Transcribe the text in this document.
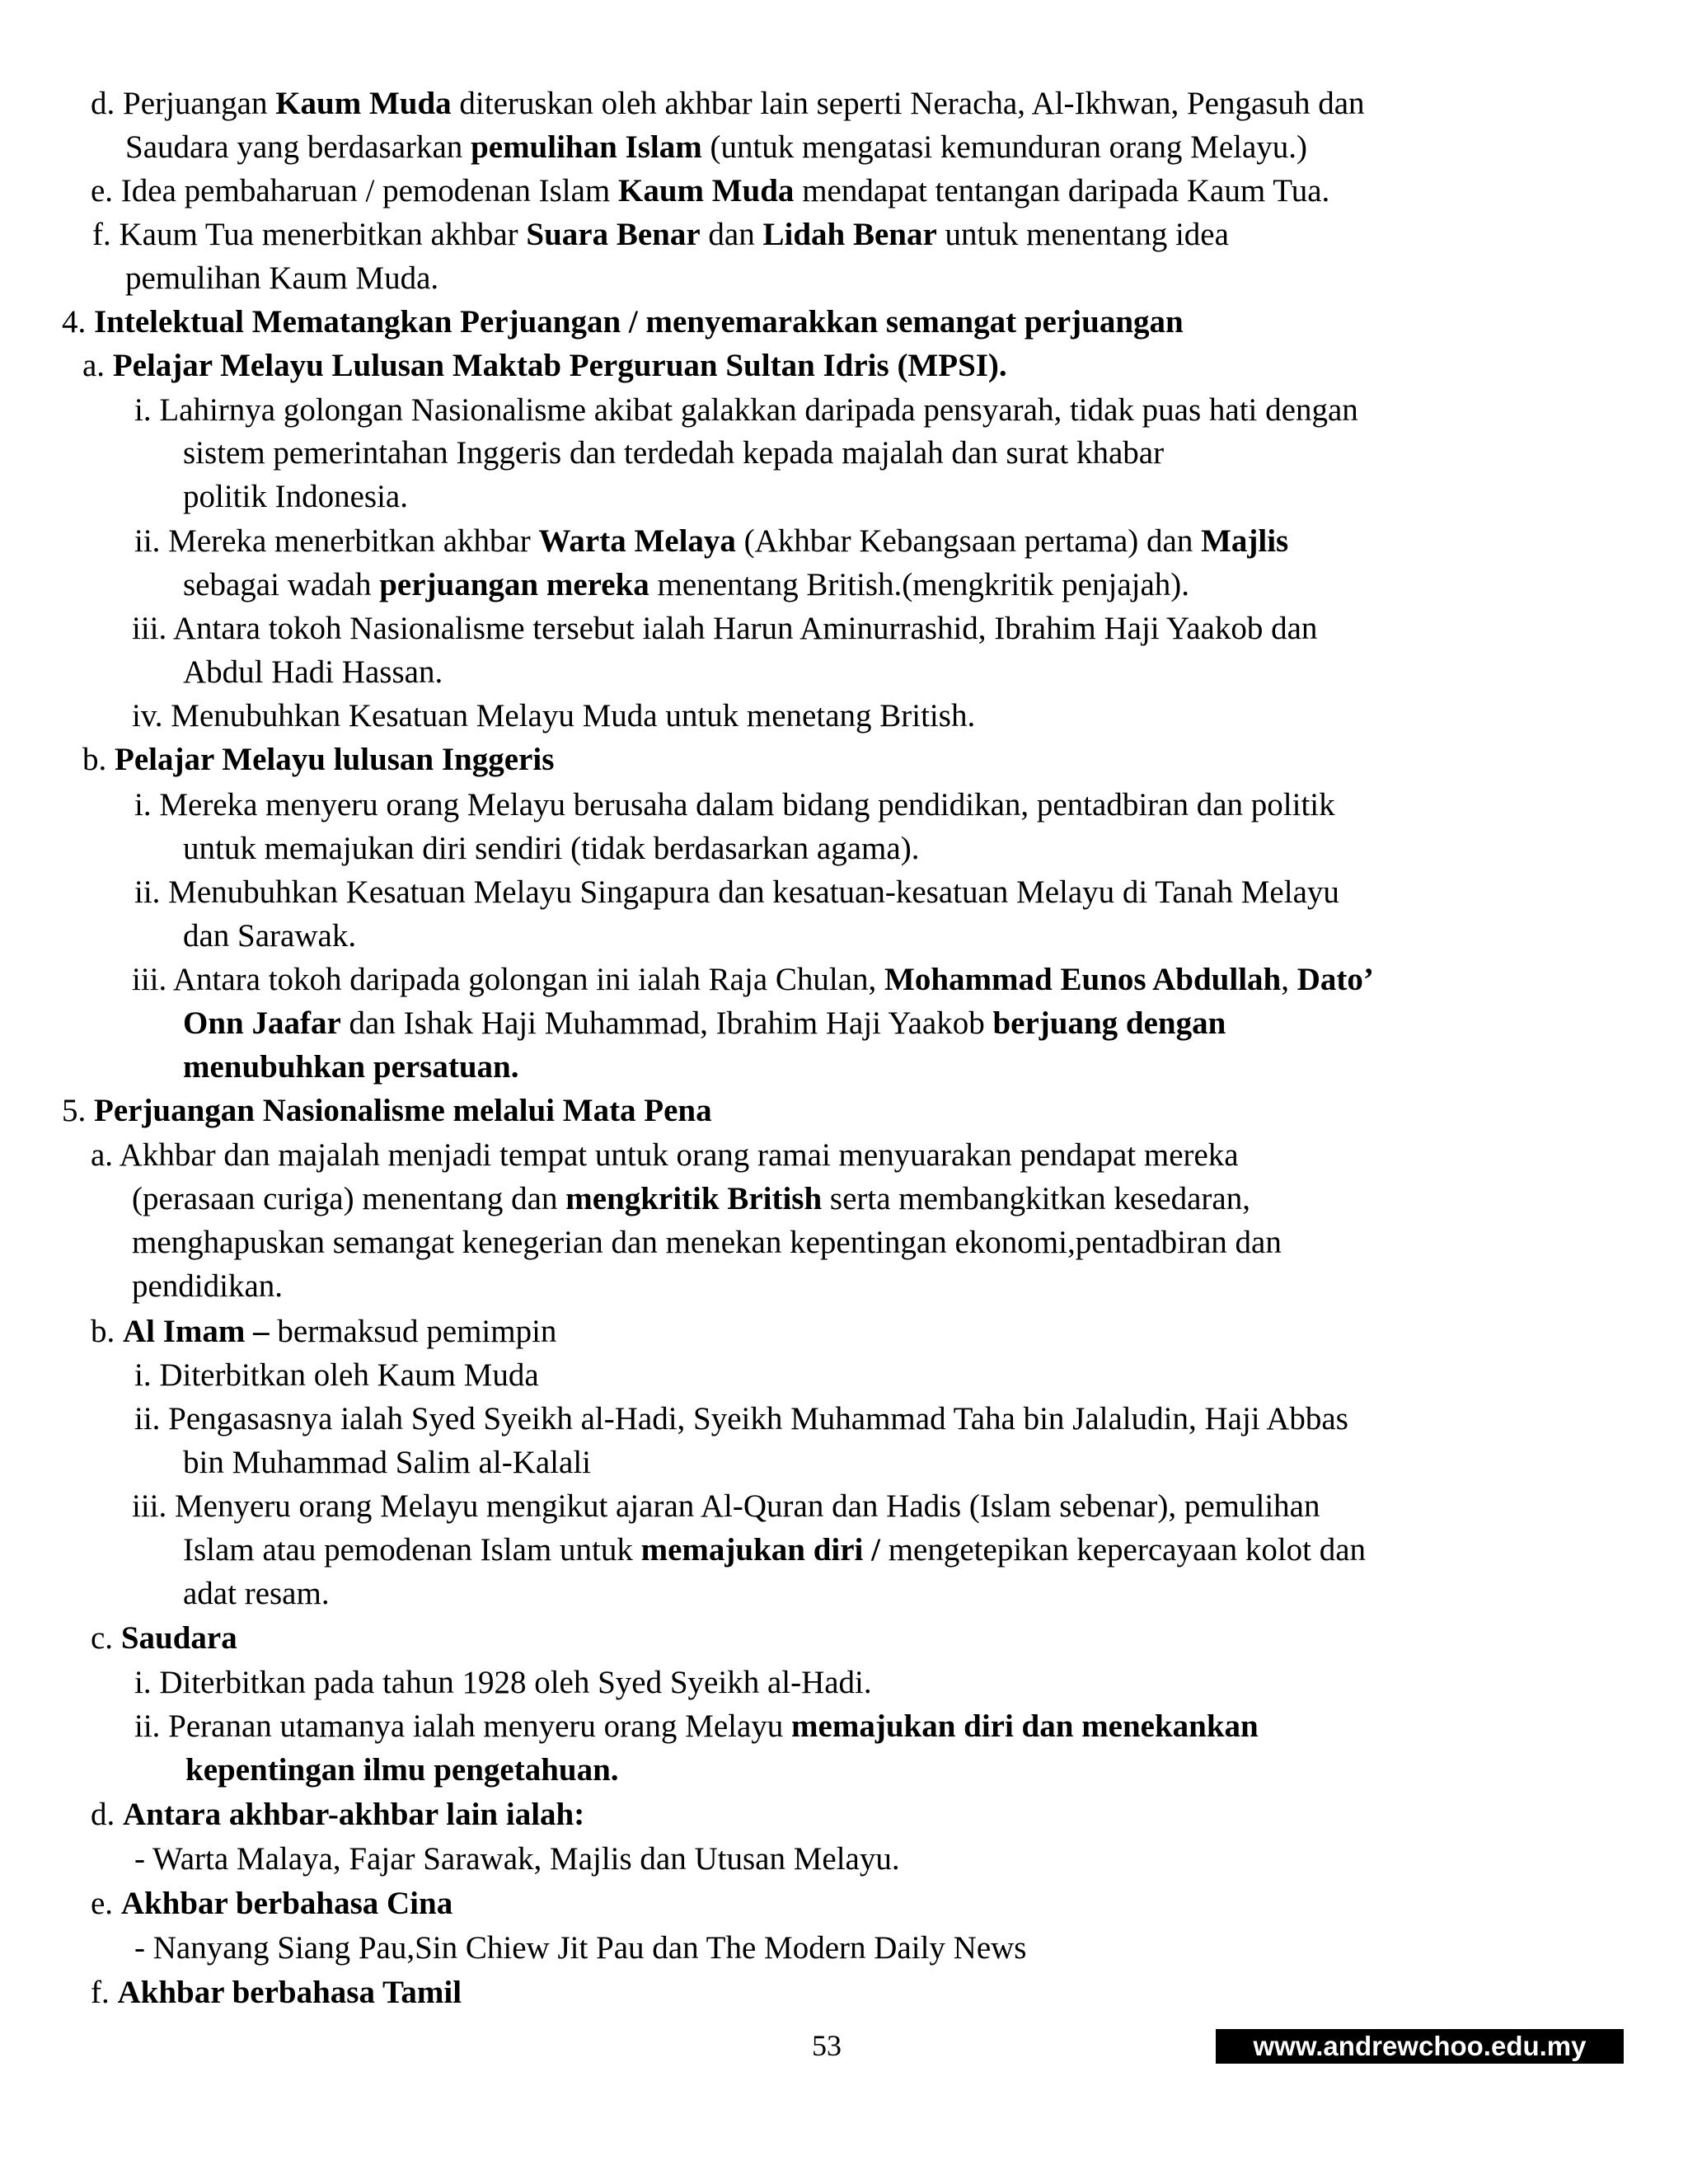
d. Perjuangan Kaum Muda diteruskan oleh akhbar lain seperti Neracha, Al-Ikhwan, Pengasuh dan
Saudara yang berdasarkan pemulihan Islam (untuk mengatasi kemunduran orang Melayu.)
e. Idea pembaharuan / pemodenan Islam Kaum Muda mendapat tentangan daripada Kaum Tua.
f. Kaum Tua menerbitkan akhbar Suara Benar dan Lidah Benar untuk menentang idea
pemulihan Kaum Muda.
4. Intelektual Mematangkan Perjuangan / menyemarakkan semangat perjuangan
a. Pelajar Melayu Lulusan Maktab Perguruan Sultan Idris (MPSI).
i. Lahirnya golongan Nasionalisme akibat galakkan daripada pensyarah, tidak puas hati dengan
sistem pemerintahan Inggeris dan terdedah kepada majalah dan surat khabar
politik Indonesia.
ii. Mereka menerbitkan akhbar Warta Melaya (Akhbar Kebangsaan pertama) dan Majlis
sebagai wadah perjuangan mereka menentang British.(mengkritik penjajah).
iii. Antara tokoh Nasionalisme tersebut ialah Harun Aminurrashid, Ibrahim Haji Yaakob dan
Abdul Hadi Hassan.
iv. Menubuhkan Kesatuan Melayu Muda untuk menetang British.
b. Pelajar Melayu lulusan Inggeris
i. Mereka menyeru orang Melayu berusaha dalam bidang pendidikan, pentadbiran dan politik
untuk memajukan diri sendiri (tidak berdasarkan agama).
ii. Menubuhkan Kesatuan Melayu Singapura dan kesatuan-kesatuan Melayu di Tanah Melayu
dan Sarawak.
iii. Antara tokoh daripada golongan ini ialah Raja Chulan, Mohammad Eunos Abdullah, Dato’
Onn Jaafar dan Ishak Haji Muhammad, Ibrahim Haji Yaakob berjuang dengan
menubuhkan persatuan.
5. Perjuangan Nasionalisme melalui Mata Pena
a. Akhbar dan majalah menjadi tempat untuk orang ramai menyuarakan pendapat mereka
(perasaan curiga) menentang dan mengkritik British serta membangkitkan kesedaran,
menghapuskan semangat kenegerian dan menekan kepentingan ekonomi,pentadbiran dan
pendidikan.
b. Al Imam – bermaksud pemimpin
i. Diterbitkan oleh Kaum Muda
ii. Pengasasnya ialah Syed Syeikh al-Hadi, Syeikh Muhammad Taha bin Jalaludin, Haji Abbas
bin Muhammad Salim al-Kalali
iii. Menyeru orang Melayu mengikut ajaran Al-Quran dan Hadis (Islam sebenar), pemulihan
Islam atau pemodenan Islam untuk memajukan diri / mengetepikan kepercayaan kolot dan
adat resam.
c. Saudara
i. Diterbitkan pada tahun 1928 oleh Syed Syeikh al-Hadi.
ii. Peranan utamanya ialah menyeru orang Melayu memajukan diri dan menekankan
kepentingan ilmu pengetahuan.
d. Antara akhbar-akhbar lain ialah:
- Warta Malaya, Fajar Sarawak, Majlis dan Utusan Melayu.
e. Akhbar berbahasa Cina
- Nanyang Siang Pau,Sin Chiew Jit Pau dan The Modern Daily News
f. Akhbar berbahasa Tamil
53	www.andrewchoo.edu.my
